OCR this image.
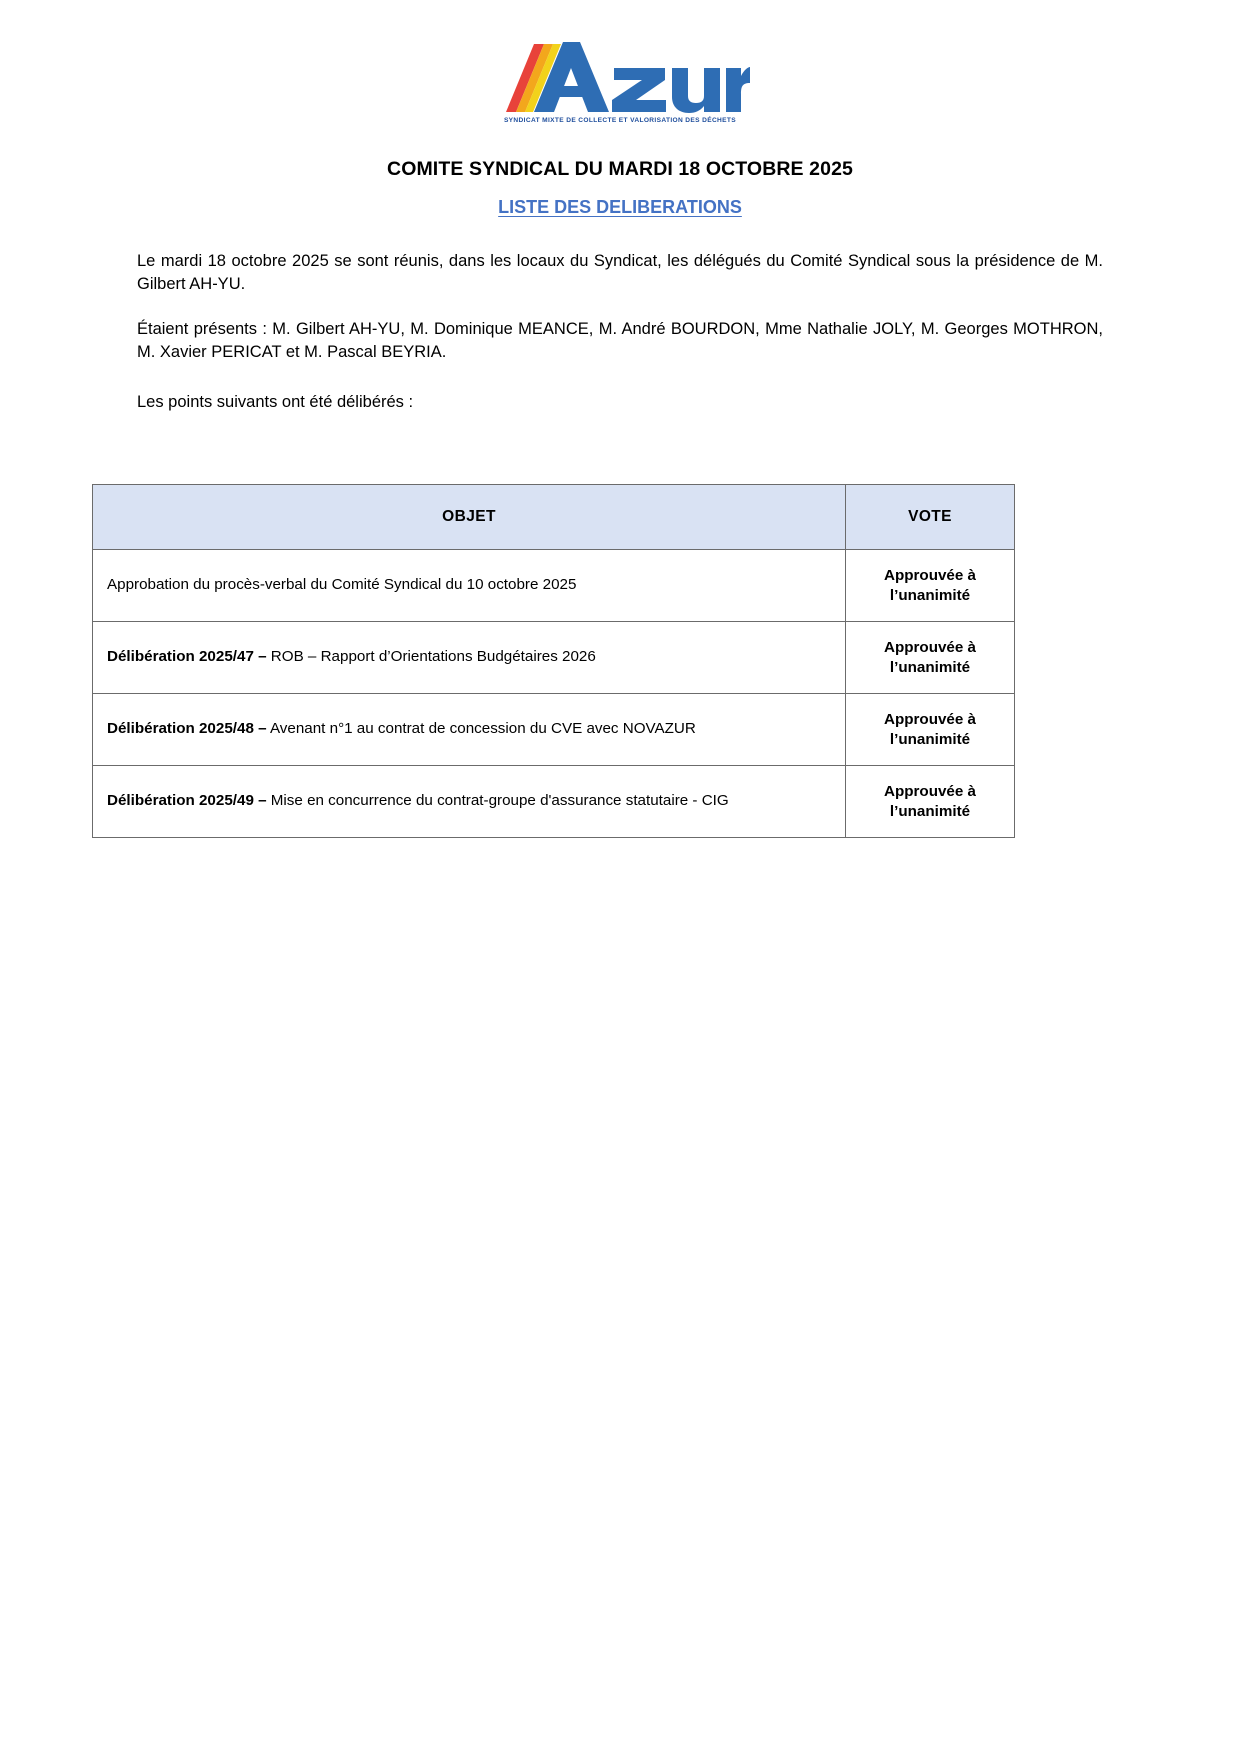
SYNDICAT MIXTE DE COLLECTE ET VALORISATION DES DÉCHETS
COMITE SYNDICAL DU MARDI 18 OCTOBRE 2025
LISTE DES DELIBERATIONS

Le mardi 18 octobre 2025 se sont réunis, dans les locaux du Syndicat, les délégués du Comité Syndical sous la présidence de M. Gilbert AH-YU.

Étaient présents : M. Gilbert AH-YU, M. Dominique MEANCE, M. André BOURDON, Mme Nathalie JOLY, M. Georges MOTHRON, M. Xavier PERICAT et M. Pascal BEYRIA.

Les points suivants ont été délibérés :

OBJET	VOTE
Approbation du procès-verbal du Comité Syndical du 10 octobre 2025	Approuvée à l’unanimité
Délibération 2025/47 – ROB – Rapport d’Orientations Budgétaires 2026	Approuvée à l’unanimité
Délibération 2025/48 – Avenant n°1 au contrat de concession du CVE avec NOVAZUR	Approuvée à l’unanimité
Délibération 2025/49 – Mise en concurrence du contrat-groupe d'assurance statutaire - CIG	Approuvée à l’unanimité
